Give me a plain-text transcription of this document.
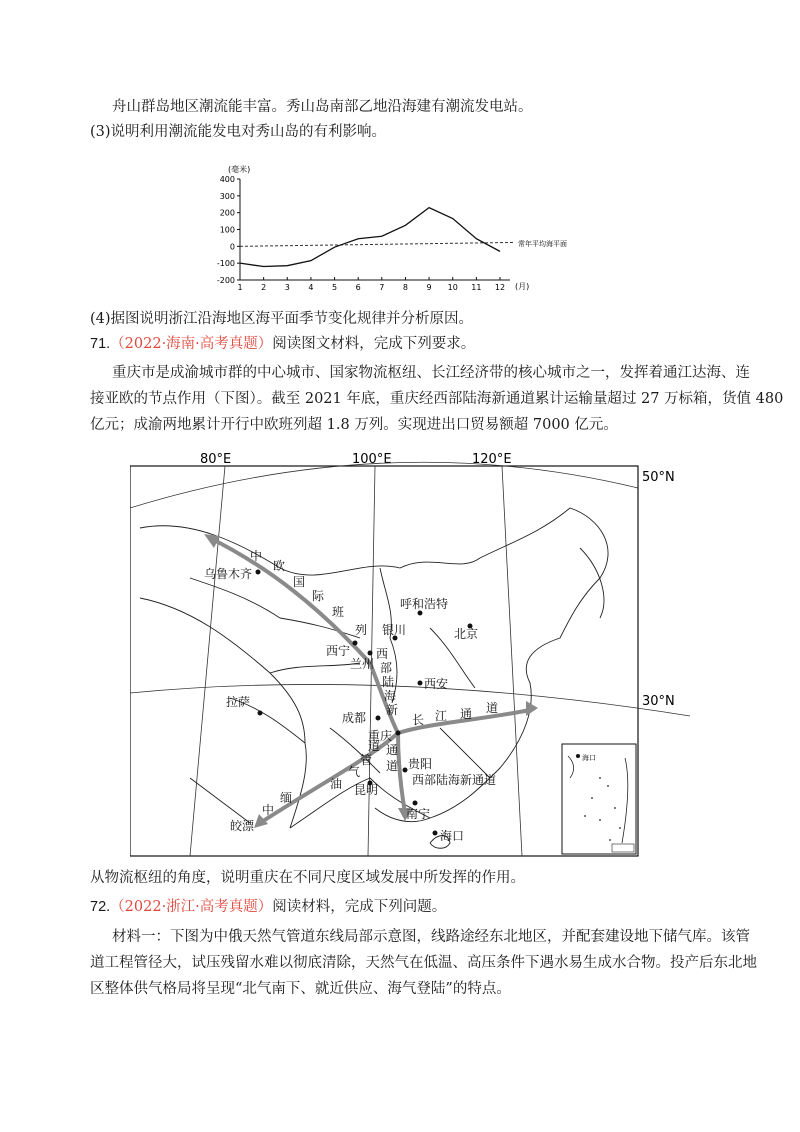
舟山群岛地区潮流能丰富。秀山岛南部乙地沿海建有潮流发电站。
(3)说明利用潮流能发电对秀山岛的有利影响。
(毫米)
400
300
200
100
0
-100
-200
1 2 3 4 5 6 7 8 9 10 11 12
常年平均海平面
(月)
(4)据图说明浙江沿海地区海平面季节变化规律并分析原因。
71.（2022·海南·高考真题）阅读图文材料，完成下列要求。
重庆市是成渝城市群的中心城市、国家物流枢纽、长江经济带的核心城市之一，发挥着通江达海、连
接亚欧的节点作用（下图）。截至 2021 年底，重庆经西部陆海新通道累计运输量超过 27 万标箱，货值 480
亿元；成渝两地累计开行中欧班列超 1.8 万列。实现进出口贸易额超 7000 亿元。
80°E	100°E	120°E
50°N
30°N
乌鲁木齐
呼和浩特
北京
西宁
兰州
银川
西安
拉萨
成都
重庆
贵阳
昆明
南宁
海口
皎漂
中
欧
国
际
班
列
长 江 通 道
西
部
陆
海
新
通
道
西部陆海新通道
中
缅
油
气
管
道
海口
从物流枢纽的角度，说明重庆在不同尺度区域发展中所发挥的作用。
72.（2022·浙江·高考真题）阅读材料，完成下列问题。
材料一：下图为中俄天然气管道东线局部示意图，线路途经东北地区，并配套建设地下储气库。该管
道工程管径大，试压残留水难以彻底清除，天然气在低温、高压条件下遇水易生成水合物。投产后东北地
区整体供气格局将呈现“北气南下、就近供应、海气登陆”的特点。
